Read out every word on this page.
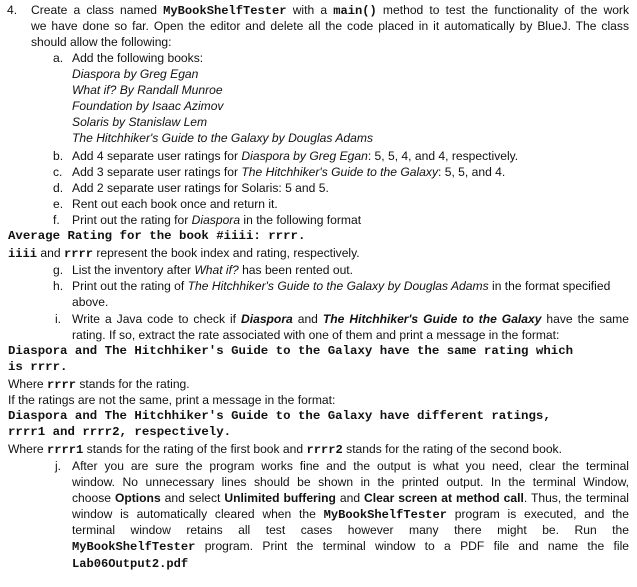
4. Create a class named MyBookShelfTester with a main() method to test the functionality of the work
we have done so far. Open the editor and delete all the code placed in it automatically by BlueJ. The class
should allow the following:
a. Add the following books:
Diaspora by Greg Egan
What if? By Randall Munroe
Foundation by Isaac Azimov
Solaris by Stanislaw Lem
The Hitchhiker's Guide to the Galaxy by Douglas Adams
b. Add 4 separate user ratings for Diaspora by Greg Egan: 5, 5, 4, and 4, respectively.
c. Add 3 separate user ratings for The Hitchhiker's Guide to the Galaxy: 5, 5, and 4.
d. Add 2 separate user ratings for Solaris: 5 and 5.
e. Rent out each book once and return it.
f. Print out the rating for Diaspora in the following format
Average Rating for the book #iiii: rrrr.
iiii and rrrr represent the book index and rating, respectively.
g. List the inventory after What if? has been rented out.
h. Print out the rating of The Hitchhiker's Guide to the Galaxy by Douglas Adams in the format specified
above.
i. Write a Java code to check if Diaspora and The Hitchhiker's Guide to the Galaxy have the same
rating. If so, extract the rate associated with one of them and print a message in the format:
Diaspora and The Hitchhiker's Guide to the Galaxy have the same rating which
is rrrr.
Where rrrr stands for the rating.
If the ratings are not the same, print a message in the format:
Diaspora and The Hitchhiker's Guide to the Galaxy have different ratings,
rrrr1 and rrrr2, respectively.
Where rrrr1 stands for the rating of the first book and rrrr2 stands for the rating of the second book.
j. After you are sure the program works fine and the output is what you need, clear the terminal
window. No unnecessary lines should be shown in the printed output. In the terminal Window,
choose Options and select Unlimited buffering and Clear screen at method call. Thus, the terminal
window is automatically cleared when the MyBookShelfTester program is executed, and the
terminal window retains all test cases however many there might be. Run the
MyBookShelfTester program. Print the terminal window to a PDF file and name the file
Lab06Output2.pdf
